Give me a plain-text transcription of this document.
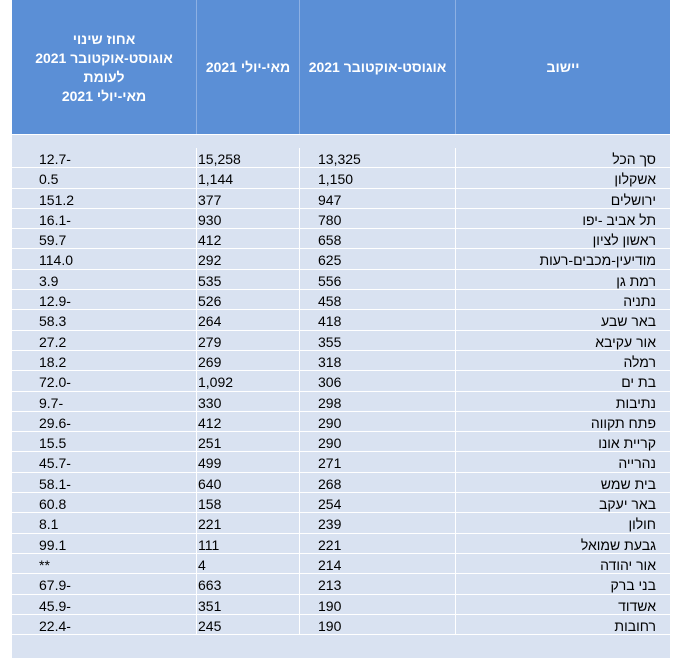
יישוב
אוגוסט-אוקטובר 2021
מאי-יולי 2021
אחוז שינוי
אוגוסט-אוקטובר 2021
לעומת
מאי-יולי 2021
סך הכל
13,325
15,258
12.7-
אשקלון
1,150
1,144
0.5
ירושלים
947
377
151.2
תל אביב -יפו
780
930
16.1-
ראשון לציון
658
412
59.7
מודיעין-מכבים-רעות
625
292
114.0
רמת גן
556
535
3.9
נתניה
458
526
12.9-
באר שבע
418
264
58.3
אור עקיבא
355
279
27.2
רמלה
318
269
18.2
בת ים
306
1,092
72.0-
נתיבות
298
330
9.7-
פתח תקווה
290
412
29.6-
קריית אונו
290
251
15.5
נהרייה
271
499
45.7-
בית שמש
268
640
58.1-
באר יעקב
254
158
60.8
חולון
239
221
8.1
גבעת שמואל
221
111
99.1
אור יהודה
214
4
**
בני ברק
213
663
67.9-
אשדוד
190
351
45.9-
רחובות
190
245
22.4-
